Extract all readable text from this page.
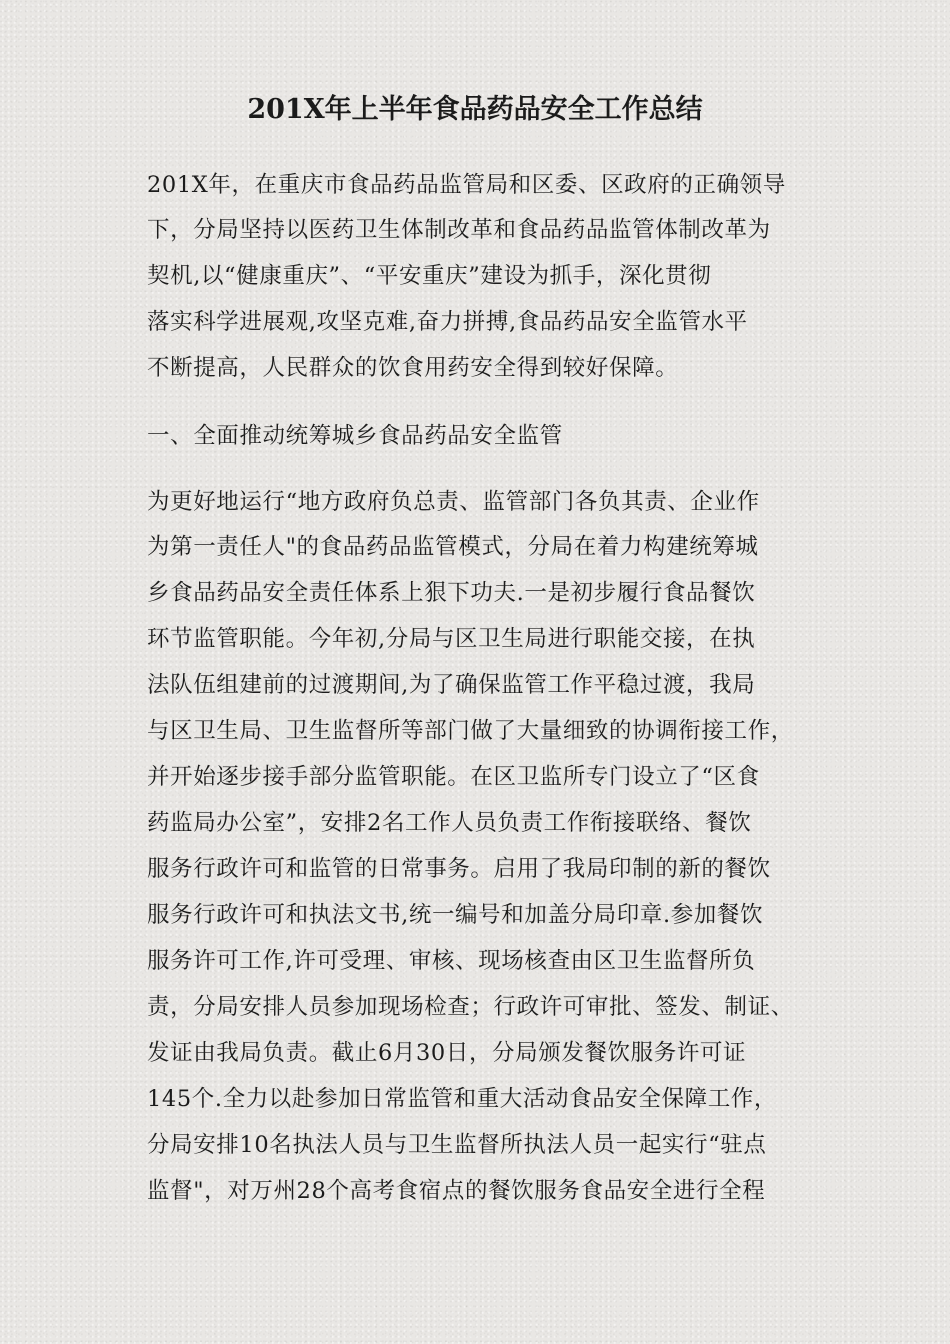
201X年上半年食品药品安全工作总结

201X年，在重庆市食品药品监管局和区委、区政府的正确领导

下，分局坚持以医药卫生体制改革和食品药品监管体制改革为

契机,以“健康重庆”、“平安重庆”建设为抓手，深化贯彻

落实科学进展观,攻坚克难,奋力拼搏,食品药品安全监管水平

不断提高，人民群众的饮食用药安全得到较好保障。

一、全面推动统筹城乡食品药品安全监管

为更好地运行“地方政府负总责、监管部门各负其责、企业作

为第一责任人"的食品药品监管模式，分局在着力构建统筹城

乡食品药品安全责任体系上狠下功夫.一是初步履行食品餐饮

环节监管职能。今年初,分局与区卫生局进行职能交接，在执

法队伍组建前的过渡期间,为了确保监管工作平稳过渡，我局

与区卫生局、卫生监督所等部门做了大量细致的协调衔接工作，

并开始逐步接手部分监管职能。在区卫监所专门设立了“区食

药监局办公室”，安排2名工作人员负责工作衔接联络、餐饮

服务行政许可和监管的日常事务。启用了我局印制的新的餐饮

服务行政许可和执法文书,统一编号和加盖分局印章.参加餐饮

服务许可工作,许可受理、审核、现场核查由区卫生监督所负

责，分局安排人员参加现场检查；行政许可审批、签发、制证、

发证由我局负责。截止6月30日，分局颁发餐饮服务许可证

145个.全力以赴参加日常监管和重大活动食品安全保障工作，

分局安排10名执法人员与卫生监督所执法人员一起实行“驻点

监督"，对万州28个高考食宿点的餐饮服务食品安全进行全程
